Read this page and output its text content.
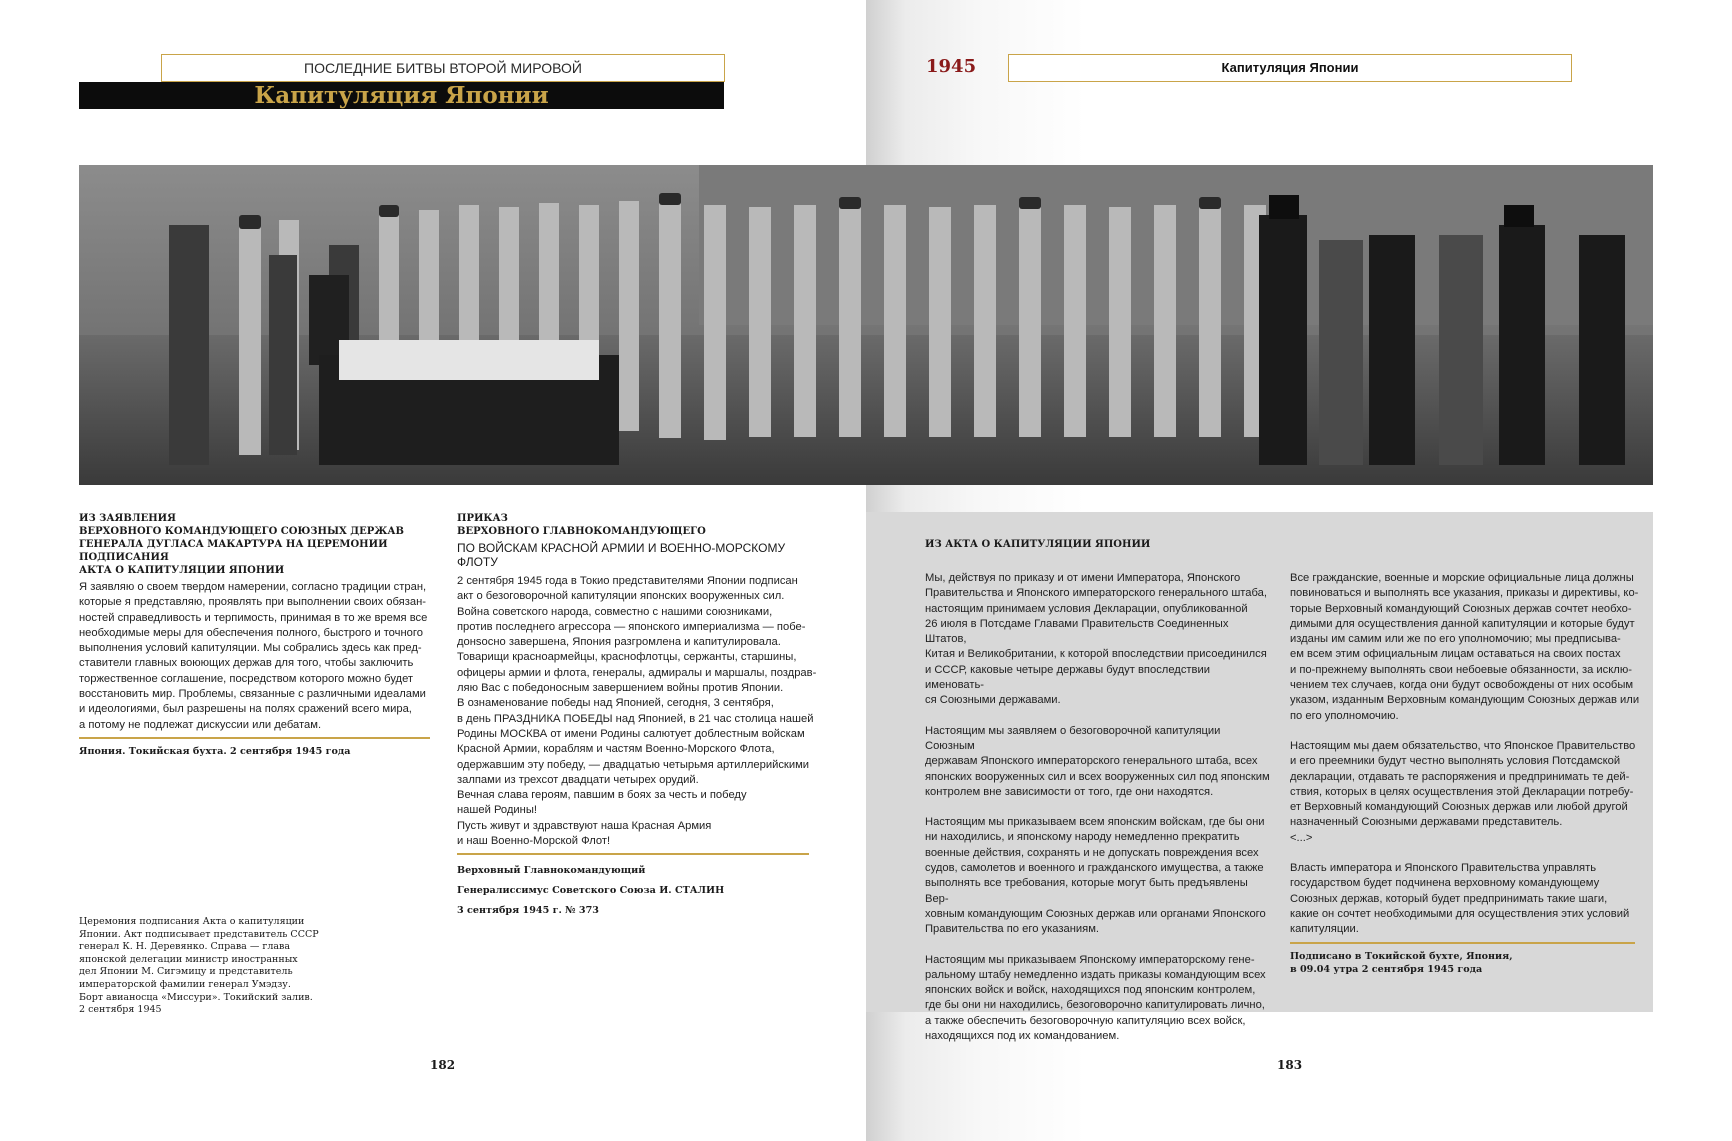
ПОСЛЕДНИЕ БИТВЫ ВТОРОЙ МИРОВОЙ
Капитуляция Японии
1945	Капитуляция Японии
ИЗ ЗАЯВЛЕНИЯ
ВЕРХОВНОГО КОМАНДУЮЩЕГО СОЮЗНЫХ ДЕРЖАВ
ГЕНЕРАЛА ДУГЛАСА МАКАРТУРА НА ЦЕРЕМОНИИ ПОДПИСАНИЯ
АКТА О КАПИТУЛЯЦИИ ЯПОНИИ
Я заявляю о своем твердом намерении, согласно традиции стран,
которые я представляю, проявлять при выполнении своих обязан-
ностей справедливость и терпимость, принимая в то же время все
необходимые меры для обеспечения полного, быстрого и точного
выполнения условий капитуляции. Мы собрались здесь как пред-
ставители главных воюющих держав для того, чтобы заключить
торжественное соглашение, посредством которого можно будет
восстановить мир. Проблемы, связанные с различными идеалами
и идеологиями, был разрешены на полях сражений всего мира,
а потому не подлежат дискуссии или дебатам.
Япония. Токийская бухта. 2 сентября 1945 года
ПРИКАЗ
ВЕРХОВНОГО ГЛАВНОКОМАНДУЮЩЕГО
ПО ВОЙСКАМ КРАСНОЙ АРМИИ И ВОЕННО-МОРСКОМУ ФЛОТУ
2 сентября 1945 года в Токио представителями Японии подписан
акт о безоговорочной капитуляции японских вооруженных сил.
Война советского народа, совместно с нашими союзниками,
против последнего агрессора — японского империализма — побе-
донsocно завершена, Япония разгромлена и капитулировала.
Товарищи красноармейцы, краснофлотцы, сержанты, старшины,
офицеры армии и флота, генералы, адмиралы и маршалы, поздрав-
ляю Вас с победоносным завершением войны против Японии.
В ознаменование победы над Японией, сегодня, 3 сентября,
в день ПРАЗДНИКА ПОБЕДЫ над Японией, в 21 час столица нашей
Родины МОСКВА от имени Родины салютует доблестным войскам
Красной Армии, кораблям и частям Военно-Морского Флота,
одержавшим эту победу, — двадцатью четырьмя артиллерийскими
залпами из трехсот двадцати четырех орудий.
Вечная слава героям, павшим в боях за честь и победу
нашей Родины!
Пусть живут и здравствуют наша Красная Армия
и наш Военно-Морской Флот!
Верховный Главнокомандующий
Генералиссимус Советского Союза И. СТАЛИН
3 сентября 1945 г. № 373
Церемония подписания Акта о капитуляции
Японии. Акт подписывает представитель СССР
генерал К. Н. Деревянко. Справа — глава
японской делегации министр иностранных
дел Японии М. Сигэмицу и представитель
императорской фамилии генерал Умэдзу.
Борт авианосца «Миссури». Токийский залив.
2 сентября 1945
ИЗ АКТА О КАПИТУЛЯЦИИ ЯПОНИИ

Мы, действуя по приказу и от имени Императора, Японского
Правительства и Японского императорского генерального штаба,
настоящим принимаем условия Декларации, опубликованной
26 июля в Потсдаме Главами Правительств Соединенных Штатов,
Китая и Великобритании, к которой впоследствии присоединился
и СССР, каковые четыре державы будут впоследствии именовать-
ся Союзными державами.

Настоящим мы заявляем о безоговорочной капитуляции Союзным
державам Японского императорского генерального штаба, всех
японских вооруженных сил и всех вооруженных сил под японским
контролем вне зависимости от того, где они находятся.

Настоящим мы приказываем всем японским войскам, где бы они
ни находились, и японскому народу немедленно прекратить
военные действия, сохранять и не допускать повреждения всех
судов, самолетов и военного и гражданского имущества, а также
выполнять все требования, которые могут быть предъявлены Вер-
ховным командующим Союзных держав или органами Японского
Правительства по его указаниям.

Настоящим мы приказываем Японскому императорскому гене-
ральному штабу немедленно издать приказы командующим всех
японских войск и войск, находящихся под японским контролем,
где бы они ни находились, безоговорочно капитулировать лично,
а также обеспечить безоговорочную капитуляцию всех войск,
находящихся под их командованием.

Все гражданские, военные и морские официальные лица должны
повиноваться и выполнять все указания, приказы и директивы, ко-
торые Верховный командующий Союзных держав сочтет необхо-
димыми для осуществления данной капитуляции и которые будут
изданы им самим или же по его уполномочию; мы предписыва-
ем всем этим официальным лицам оставаться на своих постах
и по-прежнему выполнять свои небоевые обязанности, за исклю-
чением тех случаев, когда они будут освобождены от них особым
указом, изданным Верховным командующим Союзных держав или
по его уполномочию.

Настоящим мы даем обязательство, что Японское Правительство
и его преемники будут честно выполнять условия Потсдамской
декларации, отдавать те распоряжения и предпринимать те дей-
ствия, которых в целях осуществления этой Декларации потребу-
ет Верховный командующий Союзных держав или любой другой
назначенный Союзными державами представитель.
<...>

Власть императора и Японского Правительства управлять
государством будет подчинена верховному командующему
Союзных держав, который будет предпринимать такие шаги,
какие он сочтет необходимыми для осуществления этих условий
капитуляции.

Подписано в Токийской бухте, Япония,
в 09.04 утра 2 сентября 1945 года
182	183
